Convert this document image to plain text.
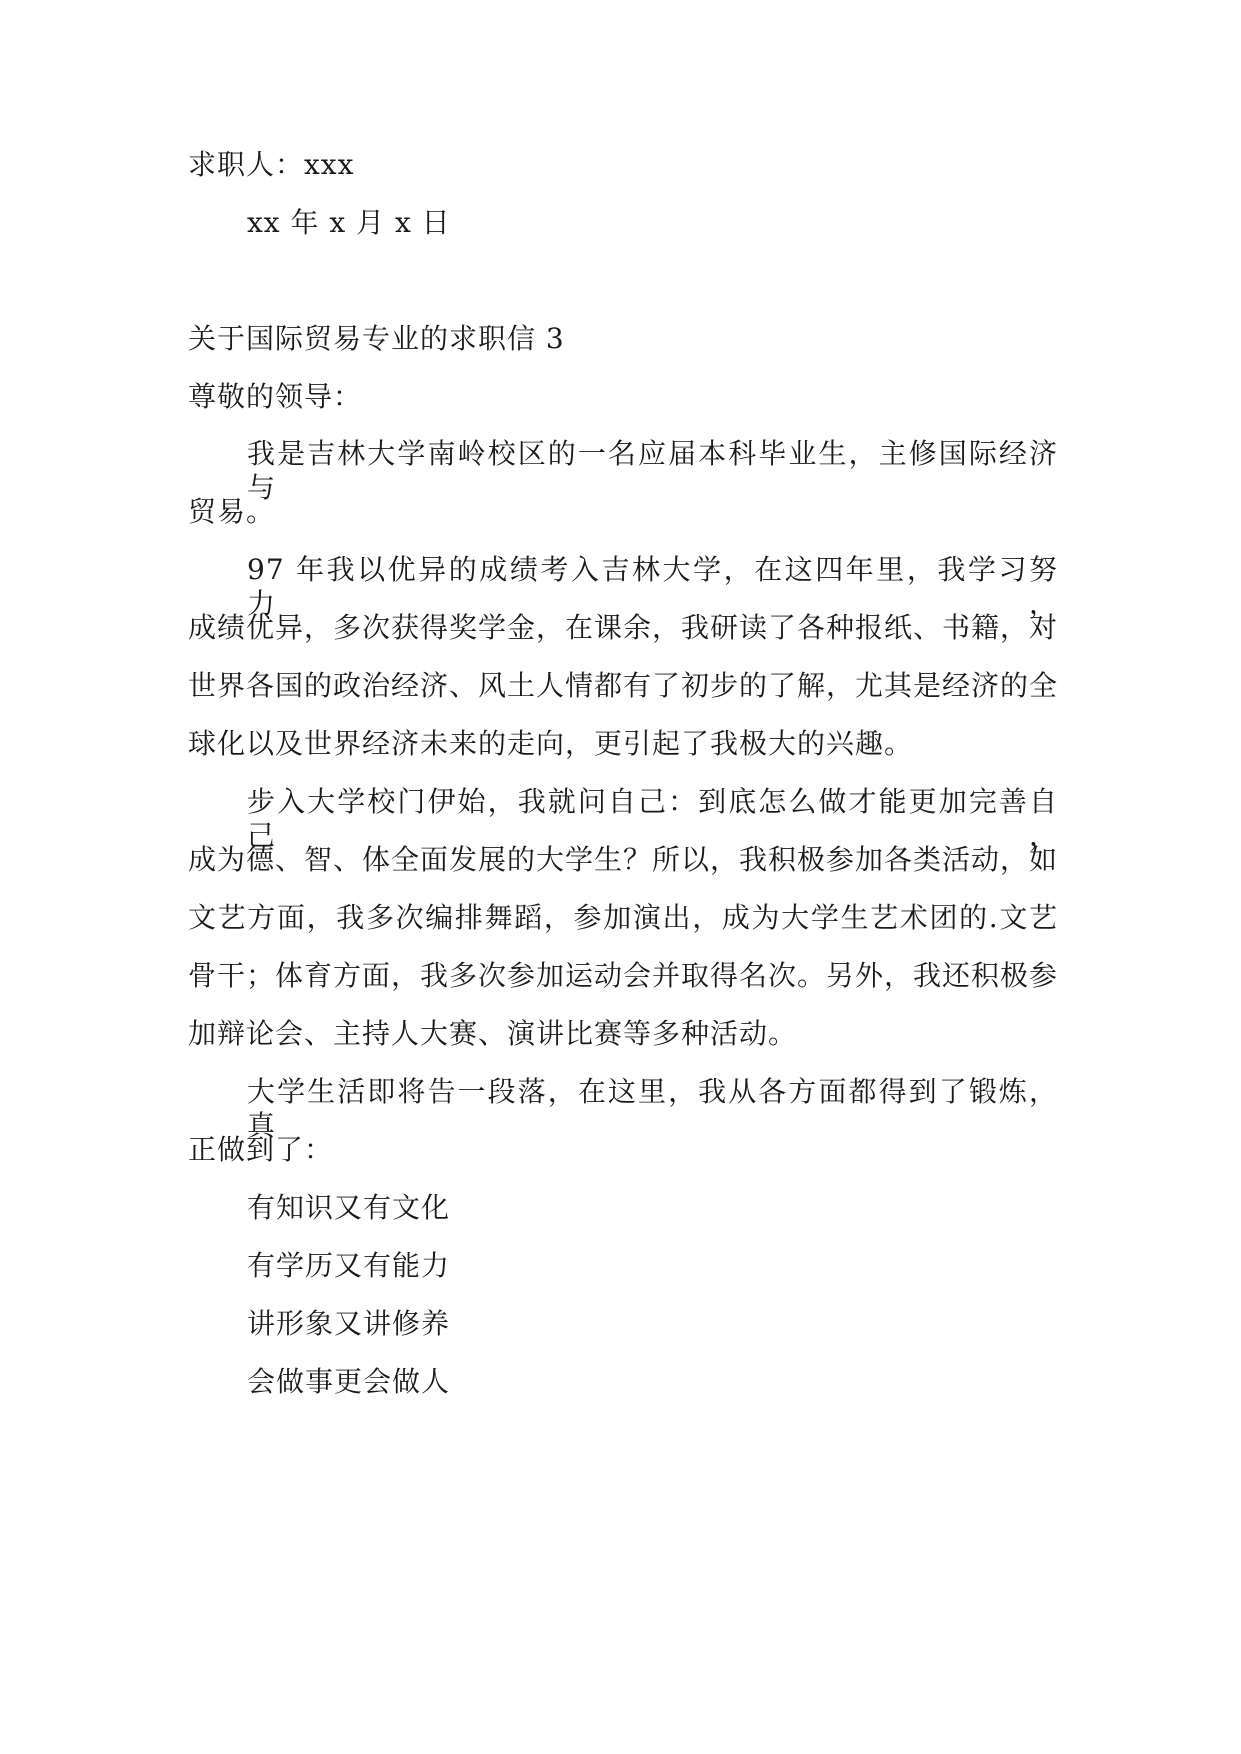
求职人：xxx
xx 年 x 月 x 日
关于国际贸易专业的求职信 3
尊敬的领导：
我是吉林大学南岭校区的一名应届本科毕业生，主修国际经济与
贸易。
97 年我以优异的成绩考入吉林大学，在这四年里，我学习努力，
成绩优异，多次获得奖学金，在课余，我研读了各种报纸、书籍，对
世界各国的政治经济、风土人情都有了初步的了解，尤其是经济的全
球化以及世界经济未来的走向，更引起了我极大的兴趣。
步入大学校门伊始，我就问自己：到底怎么做才能更加完善自己，
成为德、智、体全面发展的大学生？所以，我积极参加各类活动，如
文艺方面，我多次编排舞蹈，参加演出，成为大学生艺术团的.文艺
骨干；体育方面，我多次参加运动会并取得名次。另外，我还积极参
加辩论会、主持人大赛、演讲比赛等多种活动。
大学生活即将告一段落，在这里，我从各方面都得到了锻炼，真
正做到了：
有知识又有文化
有学历又有能力
讲形象又讲修养
会做事更会做人
